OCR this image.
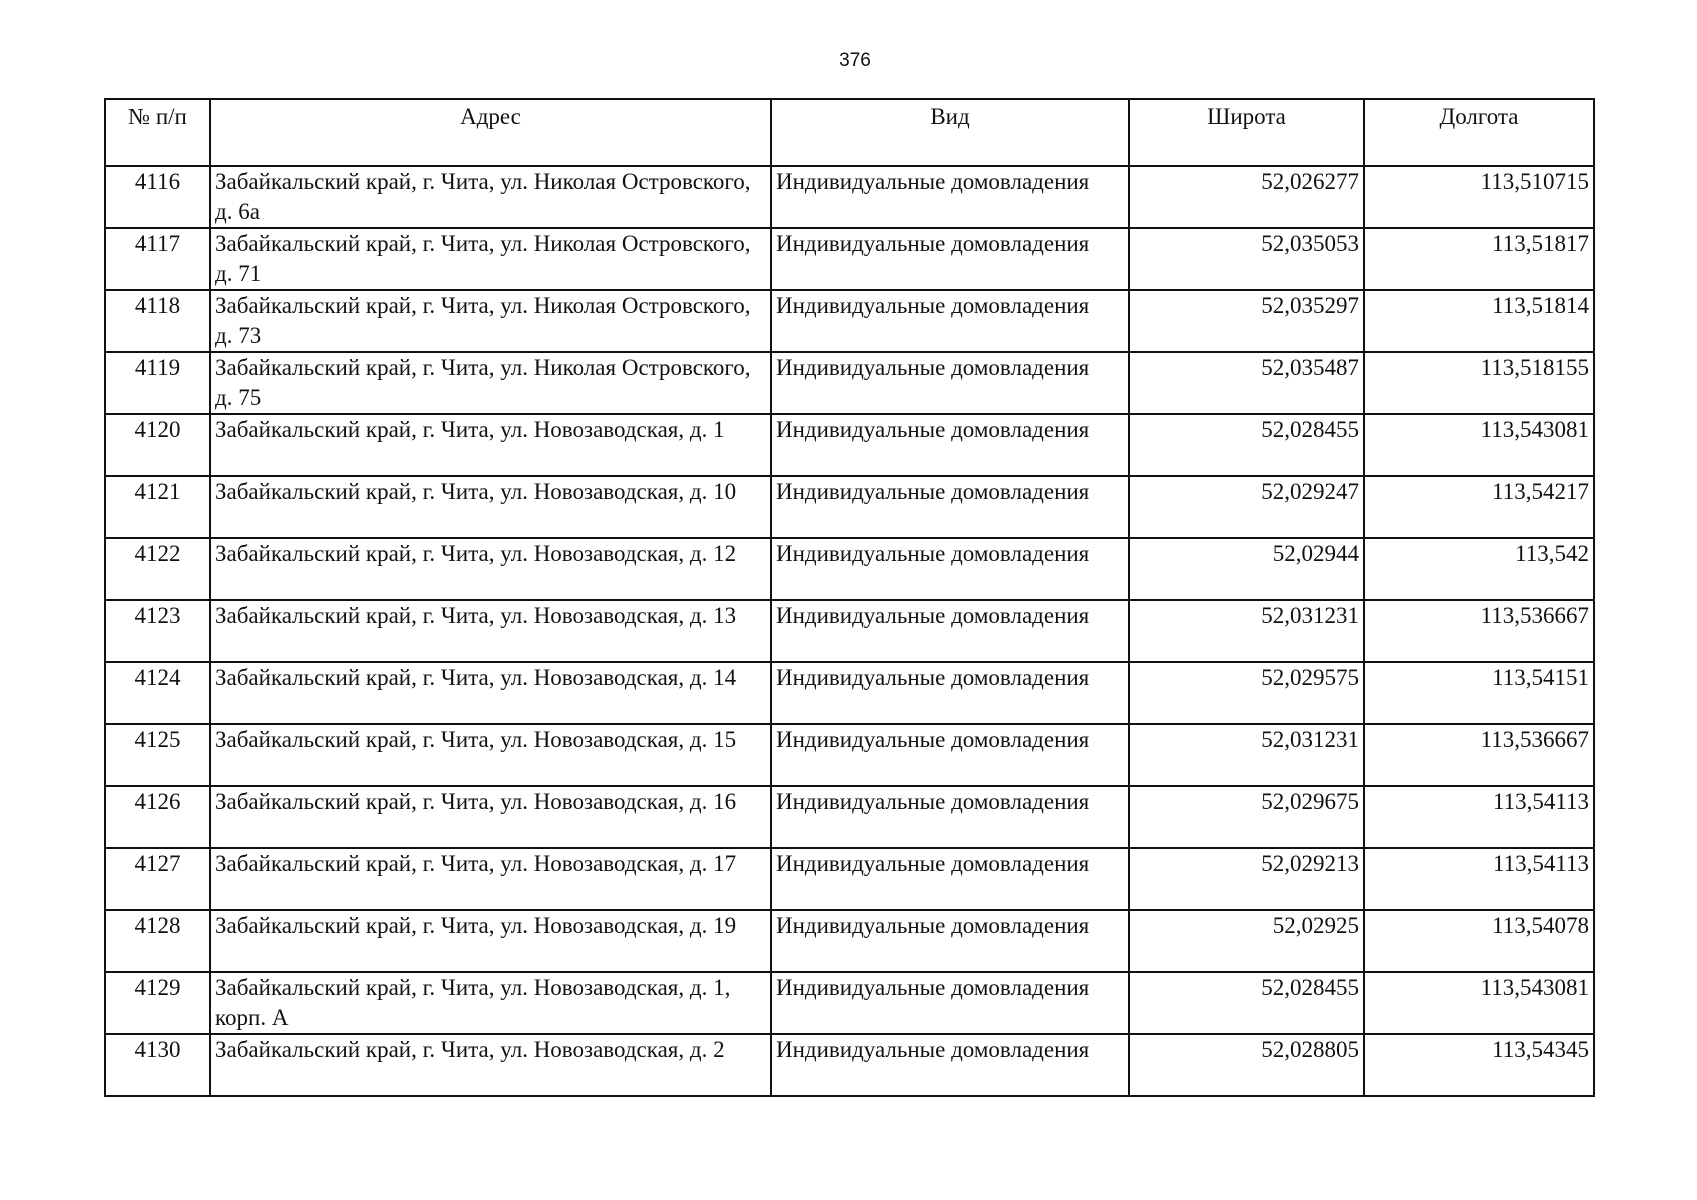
376
№ п/п	Адрес	Вид	Широта	Долгота
4116	Забайкальский край, г. Чита, ул. Николая Островского, д. 6а	Индивидуальные домовладения	52,026277	113,510715
4117	Забайкальский край, г. Чита, ул. Николая Островского, д. 71	Индивидуальные домовладения	52,035053	113,51817
4118	Забайкальский край, г. Чита, ул. Николая Островского, д. 73	Индивидуальные домовладения	52,035297	113,51814
4119	Забайкальский край, г. Чита, ул. Николая Островского, д. 75	Индивидуальные домовладения	52,035487	113,518155
4120	Забайкальский край, г. Чита, ул. Новозаводская, д. 1	Индивидуальные домовладения	52,028455	113,543081
4121	Забайкальский край, г. Чита, ул. Новозаводская, д. 10	Индивидуальные домовладения	52,029247	113,54217
4122	Забайкальский край, г. Чита, ул. Новозаводская, д. 12	Индивидуальные домовладения	52,02944	113,542
4123	Забайкальский край, г. Чита, ул. Новозаводская, д. 13	Индивидуальные домовладения	52,031231	113,536667
4124	Забайкальский край, г. Чита, ул. Новозаводская, д. 14	Индивидуальные домовладения	52,029575	113,54151
4125	Забайкальский край, г. Чита, ул. Новозаводская, д. 15	Индивидуальные домовладения	52,031231	113,536667
4126	Забайкальский край, г. Чита, ул. Новозаводская, д. 16	Индивидуальные домовладения	52,029675	113,54113
4127	Забайкальский край, г. Чита, ул. Новозаводская, д. 17	Индивидуальные домовладения	52,029213	113,54113
4128	Забайкальский край, г. Чита, ул. Новозаводская, д. 19	Индивидуальные домовладения	52,02925	113,54078
4129	Забайкальский край, г. Чита, ул. Новозаводская, д. 1, корп. А	Индивидуальные домовладения	52,028455	113,543081
4130	Забайкальский край, г. Чита, ул. Новозаводская, д. 2	Индивидуальные домовладения	52,028805	113,54345
